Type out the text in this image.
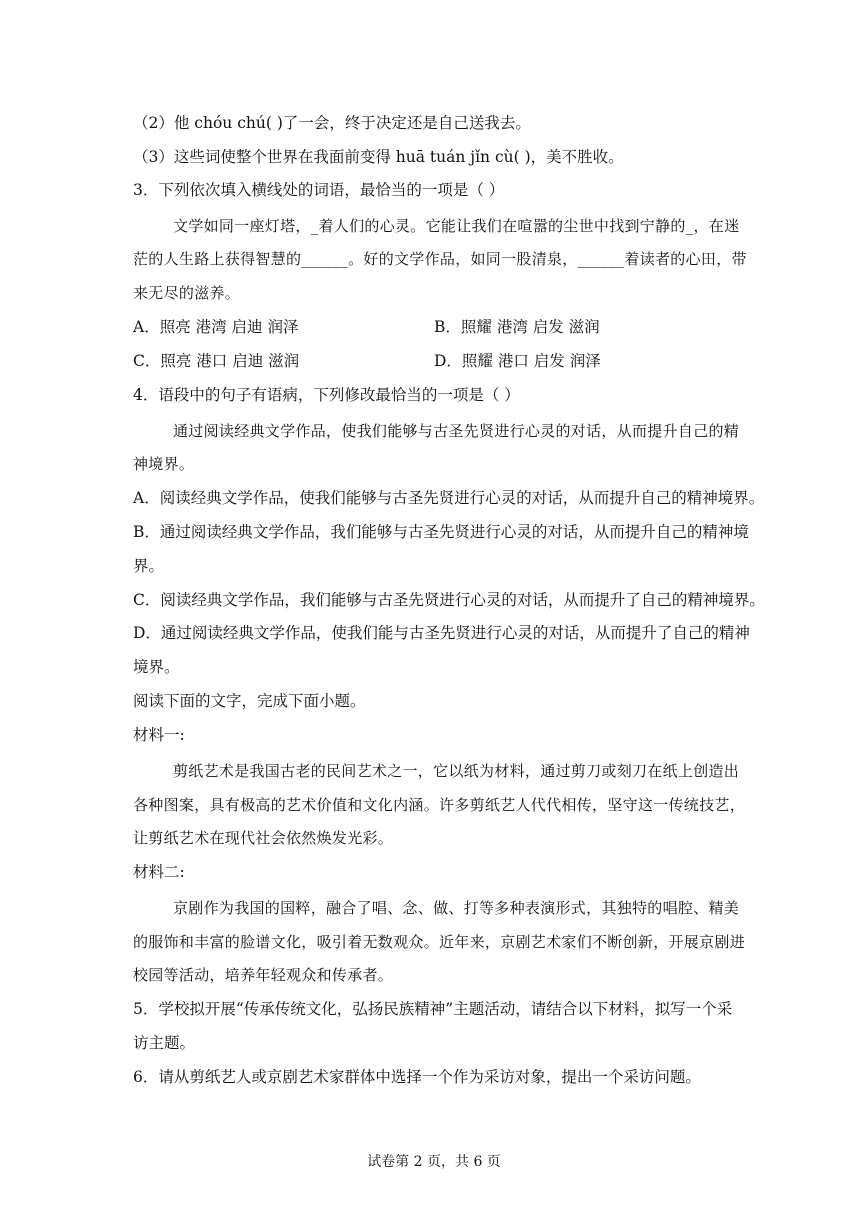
（2）他 chóu chú( )了一会，终于决定还是自己送我去。
（3）这些词使整个世界在我面前变得 huā tuán jǐn cù( )，美不胜收。
3．下列依次填入横线处的词语，最恰当的一项是（ ）
文学如同一座灯塔，_着人们的心灵。它能让我们在喧嚣的尘世中找到宁静的_，在迷
茫的人生路上获得智慧的______。好的文学作品，如同一股清泉，______着读者的心田，带
来无尽的滋养。
A．照亮 港湾 启迪 润泽	B．照耀 港湾 启发 滋润
C．照亮 港口 启迪 滋润	D．照耀 港口 启发 润泽
4．语段中的句子有语病，下列修改最恰当的一项是（ ）
通过阅读经典文学作品，使我们能够与古圣先贤进行心灵的对话，从而提升自己的精
神境界。
A．阅读经典文学作品，使我们能够与古圣先贤进行心灵的对话，从而提升自己的精神境界。
B．通过阅读经典文学作品，我们能够与古圣先贤进行心灵的对话，从而提升自己的精神境
界。
C．阅读经典文学作品，我们能够与古圣先贤进行心灵的对话，从而提升了自己的精神境界。
D．通过阅读经典文学作品，使我们能与古圣先贤进行心灵的对话，从而提升了自己的精神
境界。
阅读下面的文字，完成下面小题。
材料一:
剪纸艺术是我国古老的民间艺术之一，它以纸为材料，通过剪刀或刻刀在纸上创造出
各种图案，具有极高的艺术价值和文化内涵。许多剪纸艺人代代相传，坚守这一传统技艺，
让剪纸艺术在现代社会依然焕发光彩。
材料二:
京剧作为我国的国粹，融合了唱、念、做、打等多种表演形式，其独特的唱腔、精美
的服饰和丰富的脸谱文化，吸引着无数观众。近年来，京剧艺术家们不断创新，开展京剧进
校园等活动，培养年轻观众和传承者。
5．学校拟开展“传承传统文化，弘扬民族精神”主题活动，请结合以下材料，拟写一个采
访主题。
6．请从剪纸艺人或京剧艺术家群体中选择一个作为采访对象，提出一个采访问题。
试卷第 2 页，共 6 页
